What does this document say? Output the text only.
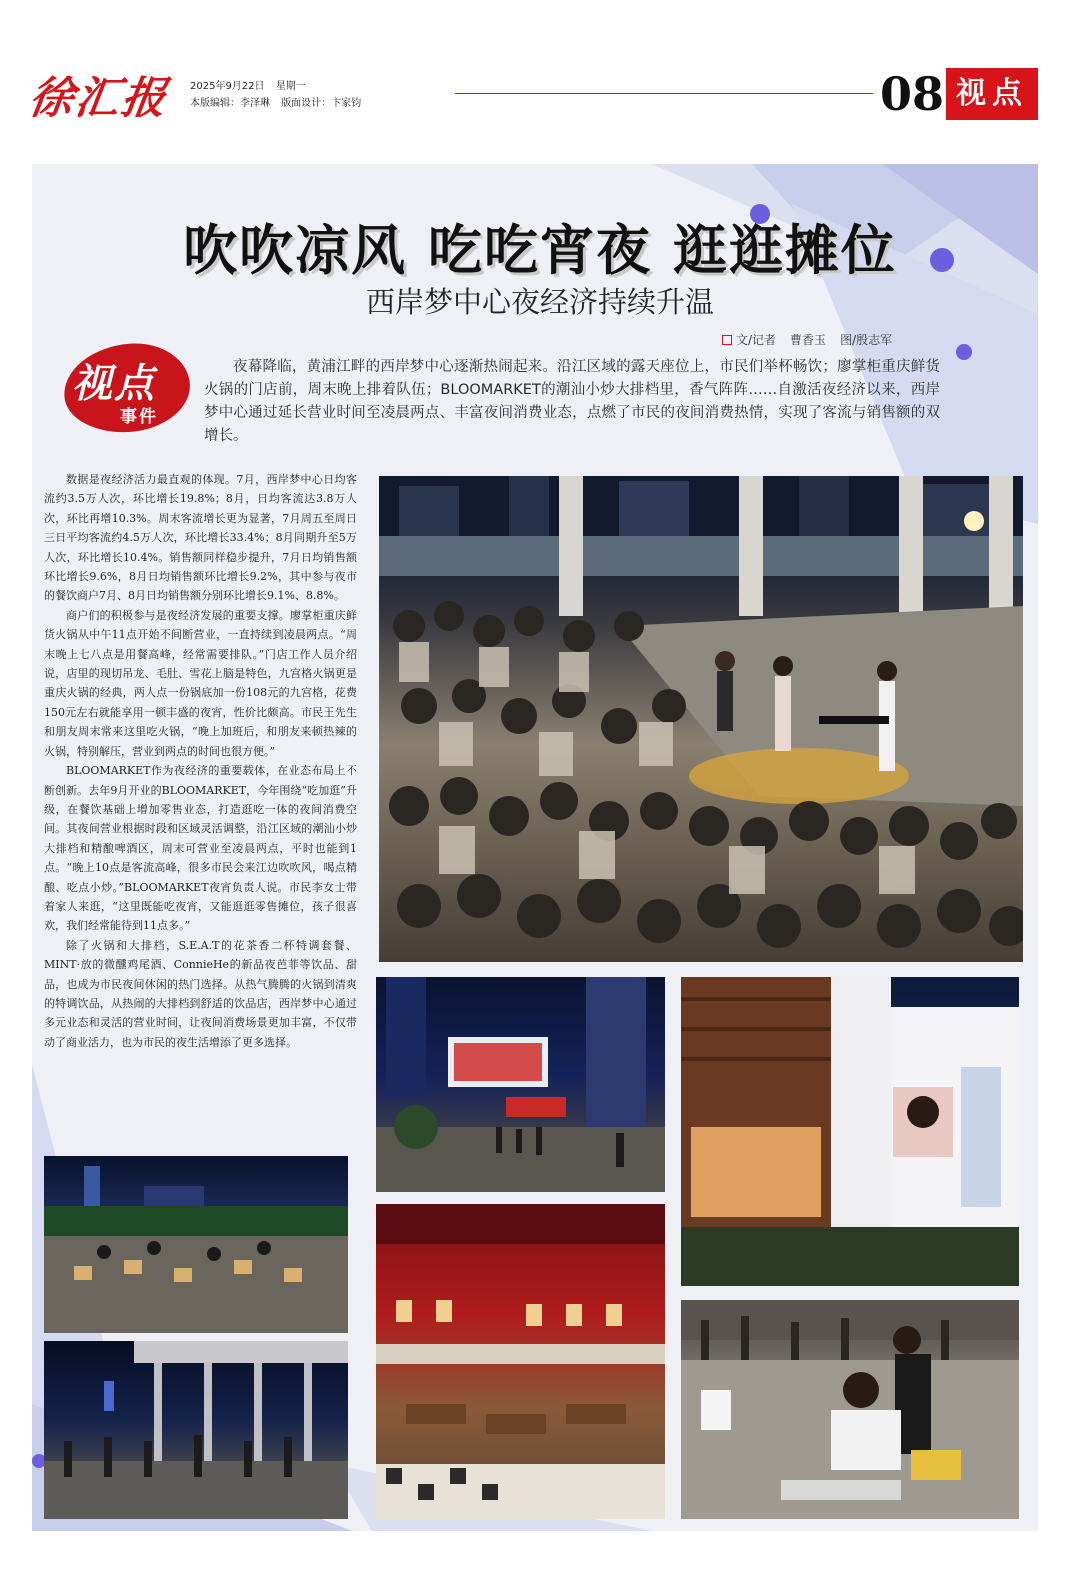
徐汇报 2025年9月22日 星期一
本版编辑：李泽琳 版面设计：卞家钧	08 视点
吹吹凉风 吃吃宵夜 逛逛摊位
西岸梦中心夜经济持续升温
文/记者 曹香玉 图/殷志军
视点
事件

夜幕降临，黄浦江畔的西岸梦中心逐渐热闹起来。沿江区域的露天座位上，市民们举杯畅饮；廖掌柜重庆鲜货火锅的门店前，周末晚上排着队伍；BLOOMARKET的潮汕小炒大排档里，香气阵阵……自激活夜经济以来，西岸梦中心通过延长营业时间至凌晨两点、丰富夜间消费业态，点燃了市民的夜间消费热情，实现了客流与销售额的双增长。

数据是夜经济活力最直观的体现。7月，西岸梦中心日均客流约3.5万人次，环比增长19.8%；8月，日均客流达3.8万人次，环比再增10.3%。周末客流增长更为显著，7月周五至周日三日平均客流约4.5万人次，环比增长33.4%；8月同期升至5万人次，环比增长10.4%。销售额同样稳步提升，7月日均销售额环比增长9.6%，8月日均销售额环比增长9.2%，其中参与夜市的餐饮商户7月、8月日均销售额分别环比增长9.1%、8.8%。

商户们的积极参与是夜经济发展的重要支撑。廖掌柜重庆鲜货火锅从中午11点开始不间断营业，一直持续到凌晨两点。“周末晚上七八点是用餐高峰，经常需要排队。”门店工作人员介绍说，店里的现切吊龙、毛肚、雪花上脑是特色，九宫格火锅更是重庆火锅的经典，两人点一份锅底加一份108元的九宫格，花费150元左右就能享用一顿丰盛的夜宵，性价比颇高。市民王先生和朋友周末常来这里吃火锅，“晚上加班后，和朋友来顿热辣的火锅，特别解压，营业到两点的时间也很方便。”

BLOOMARKET作为夜经济的重要载体，在业态布局上不断创新。去年9月开业的BLOOMARKET，今年围绕“吃加逛”升级，在餐饮基础上增加零售业态，打造逛吃一体的夜间消费空间。其夜间营业根据时段和区域灵活调整，沿江区域的潮汕小炒大排档和精酿啤酒区，周末可营业至凌晨两点，平时也能到1点。“晚上10点是客流高峰，很多市民会来江边吹吹风，喝点精酿、吃点小炒。”BLOOMARKET夜宵负责人说。市民李女士带着家人来逛，“这里既能吃夜宵，又能逛逛零售摊位，孩子很喜欢，我们经常能待到11点多。”

除了火锅和大排档，S.E.A.T的花茶香二杯特调套餐、MINT·放的微醺鸡尾酒、ConnieHe的新品夜芭菲等饮品、甜品，也成为市民夜间休闲的热门选择。从热气腾腾的火锅到清爽的特调饮品，从热闹的大排档到舒适的饮品店，西岸梦中心通过多元业态和灵活的营业时间，让夜间消费场景更加丰富，不仅带动了商业活力，也为市民的夜生活增添了更多选择。
